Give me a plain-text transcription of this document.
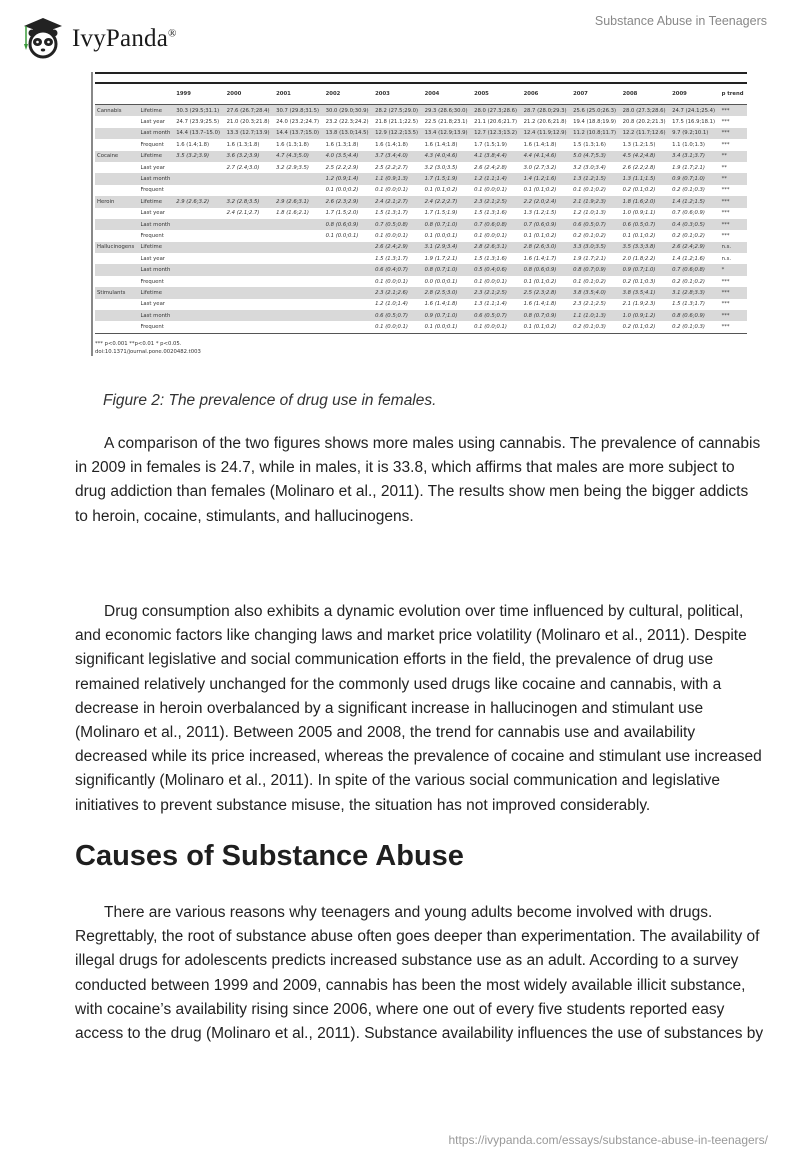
IvyPanda®
Substance Abuse in Teenagers

		1999	2000	2001	2002	2003	2004	2005	2006	2007	2008	2009	p trend
Cannabis	Lifetime	30.3 (29.5;31.1)	27.6 (26.7;28.4)	30.7 (29.8;31.5)	30.0 (29.0;30.9)	28.2 (27.5;29.0)	29.3 (28.6;30.0)	28.0 (27.3;28.6)	28.7 (28.0;29.3)	25.6 (25.0;26.3)	28.0 (27.3;28.6)	24.7 (24.1;25.4)	***
	Last year	24.7 (23.9;25.5)	21.0 (20.3;21.8)	24.0 (23.2;24.7)	23.2 (22.3;24.2)	21.8 (21.1;22.5)	22.5 (21.8;23.1)	21.1 (20.6;21.7)	21.2 (20.6;21.8)	19.4 (18.8;19.9)	20.8 (20.2;21.3)	17.5 (16.9;18.1)	***
	Last month	14.4 (13.7–15.0)	13.3 (12.7;13.9)	14.4 (13.7;15.0)	13.8 (13.0;14.5)	12.9 (12.2;13.5)	13.4 (12.9;13.9)	12.7 (12.3;13.2)	12.4 (11.9;12.9)	11.2 (10.8;11.7)	12.2 (11.7;12.6)	9.7 (9.2;10.1)	***
	Frequent	1.6 (1.4;1.8)	1.6 (1.3;1.8)	1.6 (1.3;1.8)	1.6 (1.3;1.8)	1.6 (1.4;1.8)	1.6 (1.4;1.8)	1.7 (1.5;1.9)	1.6 (1.4;1.8)	1.5 (1.3;1.6)	1.3 (1.2;1.5)	1.1 (1.0;1.3)	***
Cocaine	Lifetime	3.5 (3.2;3.9)	3.6 (3.2;3.9)	4.7 (4.3;5.0)	4.0 (3.5;4.4)	3.7 (3.4;4.0)	4.3 (4.0;4.6)	4.1 (3.8;4.4)	4.4 (4.1;4.6)	5.0 (4.7;5.3)	4.5 (4.2;4.8)	3.4 (3.1;3.7)	**
	Last year		2.7 (2.4;3.0)	3.2 (2.9;3.5)	2.5 (2.2;2.9)	2.5 (2.2;2.7)	3.2 (3.0;3.5)	2.6 (2.4;2.8)	3.0 (2.7;3.2)	3.2 (3.0;3.4)	2.6 (2.2;2.8)	1.9 (1.7;2.1)	**
	Last month				1.2 (0.9;1.4)	1.1 (0.9;1.3)	1.7 (1.5;1.9)	1.2 (1.1;1.4)	1.4 (1.2;1.6)	1.3 (1.2;1.5)	1.3 (1.1;1.5)	0.9 (0.7;1.0)	**
	Frequent				0.1 (0.0;0.2)	0.1 (0.0;0.1)	0.1 (0.1;0.2)	0.1 (0.0;0.1)	0.1 (0.1;0.2)	0.1 (0.1;0.2)	0.2 (0.1;0.2)	0.2 (0.1;0.3)	***
Heroin	Lifetime	2.9 (2.6;3.2)	3.2 (2.8;3.5)	2.9 (2.6;3.1)	2.6 (2.3;2.9)	2.4 (2.1;2.7)	2.4 (2.2;2.7)	2.3 (2.1;2.5)	2.2 (2.0;2.4)	2.1 (1.9;2.3)	1.8 (1.6;2.0)	1.4 (1.2;1.5)	***
	Last year		2.4 (2.1;2.7)	1.8 (1.6;2.1)	1.7 (1.5;2.0)	1.5 (1.3;1.7)	1.7 (1.5;1.9)	1.5 (1.3;1.6)	1.3 (1.2;1.5)	1.2 (1.0;1.3)	1.0 (0.9;1.1)	0.7 (0.6;0.9)	***
	Last month				0.8 (0.6;0.9)	0.7 (0.5;0.8)	0.8 (0.7;1.0)	0.7 (0.6;0.8)	0.7 (0.6;0.9)	0.6 (0.5;0.7)	0.6 (0.5;0.7)	0.4 (0.3;0.5)	***
	Frequent				0.1 (0.0;0.1)	0.1 (0.0;0.1)	0.1 (0.0;0.1)	0.1 (0.0;0.1)	0.1 (0.1;0.2)	0.2 (0.1;0.2)	0.1 (0.1;0.2)	0.2 (0.1;0.2)	***
Hallucinogens	Lifetime					2.6 (2.4;2.9)	3.1 (2.9;3.4)	2.8 (2.6;3.1)	2.8 (2.6;3.0)	3.3 (3.0;3.5)	3.5 (3.3;3.8)	2.6 (2.4;2.9)	n.s.
	Last year					1.5 (1.3;1.7)	1.9 (1.7;2.1)	1.5 (1.3;1.6)	1.6 (1.4;1.7)	1.9 (1.7;2.1)	2.0 (1.8;2.2)	1.4 (1.2;1.6)	n.s.
	Last month					0.6 (0.4;0.7)	0.8 (0.7;1.0)	0.5 (0.4;0.6)	0.8 (0.6;0.9)	0.8 (0.7;0.9)	0.9 (0.7;1.0)	0.7 (0.6;0.8)	*
	Frequent					0.1 (0.0;0.1)	0.0 (0.0;0.1)	0.1 (0.0;0.1)	0.1 (0.1;0.2)	0.1 (0.1;0.2)	0.2 (0.1;0.3)	0.2 (0.1;0.2)	***
Stimulants	Lifetime					2.3 (2.1;2.6)	2.8 (2.5;3.0)	2.3 (2.1;2.5)	2.5 (2.3;2.8)	3.8 (3.5;4.0)	3.8 (3.5;4.1)	3.1 (2.8;3.3)	***
	Last year					1.2 (1.0;1.4)	1.6 (1.4;1.8)	1.3 (1.1;1.4)	1.6 (1.4;1.8)	2.3 (2.1;2.5)	2.1 (1.9;2.3)	1.5 (1.3;1.7)	***
	Last month					0.6 (0.5;0.7)	0.9 (0.7;1.0)	0.6 (0.5;0.7)	0.8 (0.7;0.9)	1.1 (1.0;1.3)	1.0 (0.9;1.2)	0.8 (0.6;0.9)	***
	Frequent					0.1 (0.0;0.1)	0.1 (0.0;0.1)	0.1 (0.0;0.1)	0.1 (0.1;0.2)	0.2 (0.1;0.3)	0.2 (0.1;0.2)	0.2 (0.1;0.3)	***
*** p<0.001 **p<0.01 * p<0.05.
doi:10.1371/journal.pone.0020482.t003
Figure 2: The prevalence of drug use in females.

A comparison of the two figures shows more males using cannabis. The prevalence of cannabis in 2009 in females is 24.7, while in males, it is 33.8, which affirms that males are more subject to drug addiction than females (Molinaro et al., 2011). The results show men being the bigger addicts to heroin, cocaine, stimulants, and hallucinogens.

Drug consumption also exhibits a dynamic evolution over time influenced by cultural, political, and economic factors like changing laws and market price volatility (Molinaro et al., 2011). Despite significant legislative and social communication efforts in the field, the prevalence of drug use remained relatively unchanged for the commonly used drugs like cocaine and cannabis, with a decrease in heroin overbalanced by a significant increase in hallucinogen and stimulant use (Molinaro et al., 2011). Between 2005 and 2008, the trend for cannabis use and availability decreased while its price increased, whereas the prevalence of cocaine and stimulant use increased significantly (Molinaro et al., 2011). In spite of the various social communication and legislative initiatives to prevent substance misuse, the situation has not improved considerably.

Causes of Substance Abuse

There are various reasons why teenagers and young adults become involved with drugs. Regrettably, the root of substance abuse often goes deeper than experimentation. The availability of illegal drugs for adolescents predicts increased substance use as an adult. According to a survey conducted between 1999 and 2009, cannabis has been the most widely available illicit substance, with cocaine’s availability rising since 2006, where one out of every five students reported easy access to the drug (Molinaro et al., 2011). Substance availability influences the use of substances by

https://ivypanda.com/essays/substance-abuse-in-teenagers/
